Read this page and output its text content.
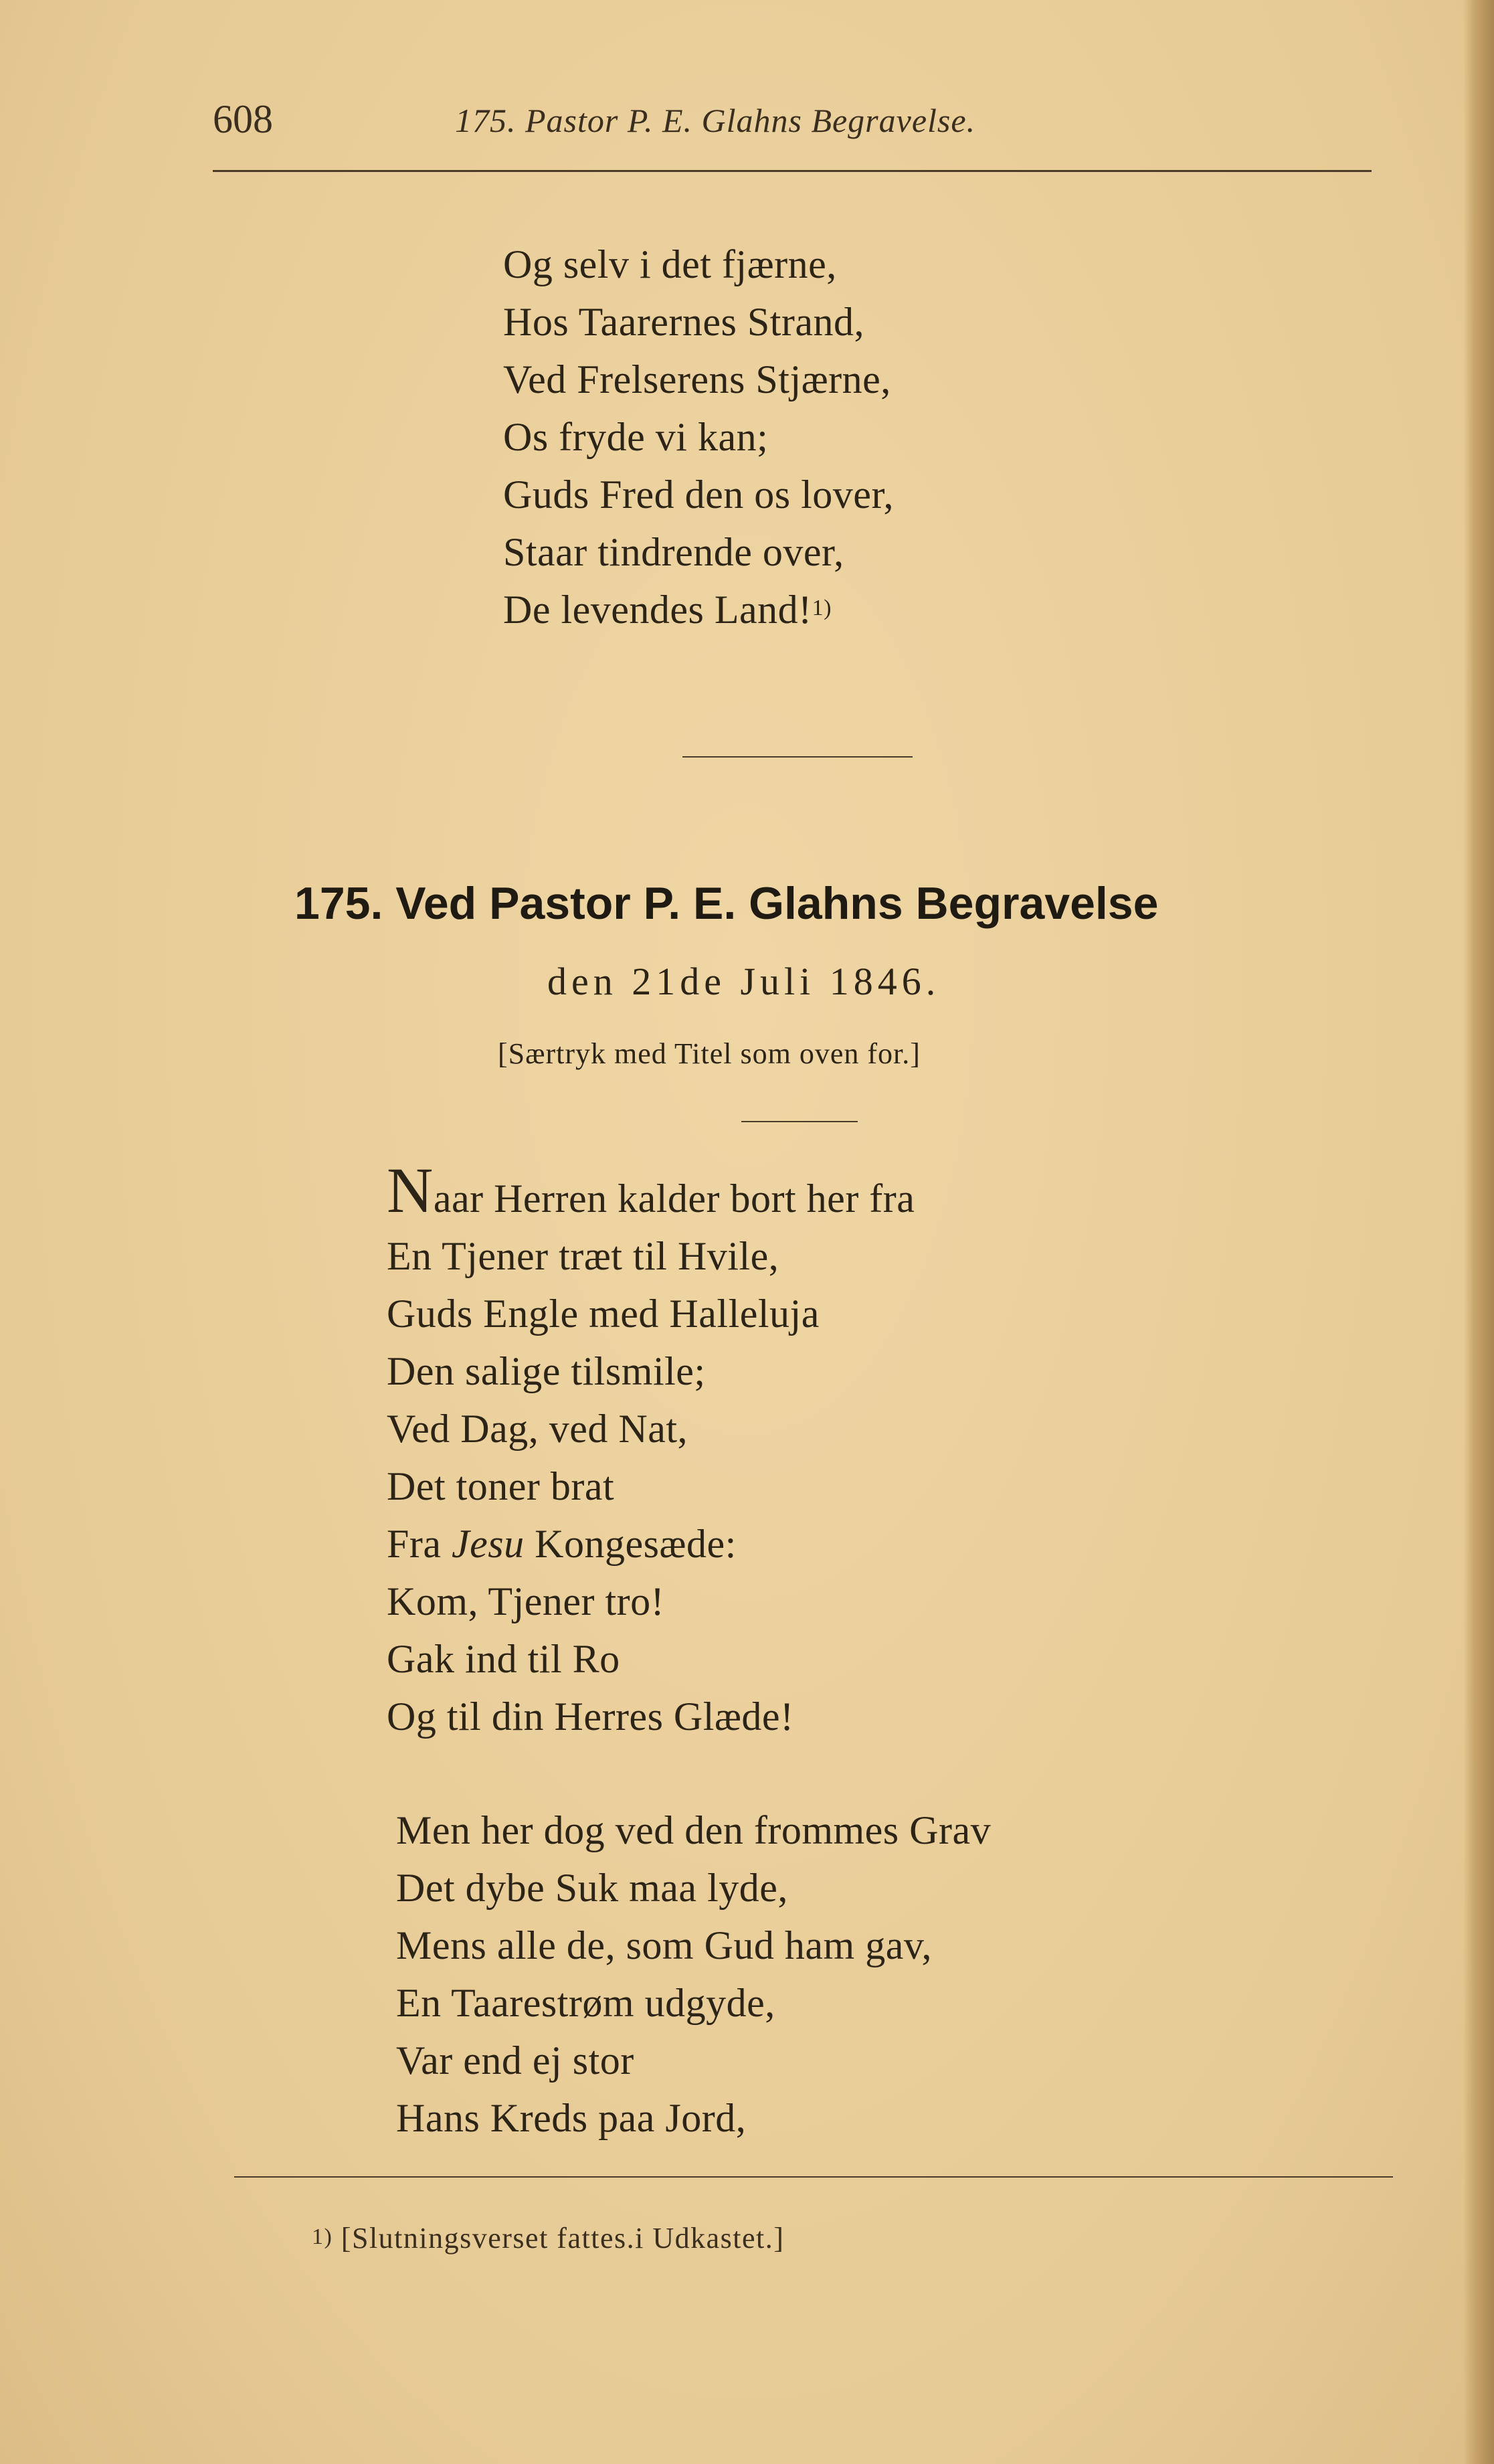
608	175. Pastor P. E. Glahns Begravelse.
Og selv i det fjærne,
Hos Taarernes Strand,
Ved Frelserens Stjærne,
Os fryde vi kan;
Guds Fred den os lover,
Staar tindrende over,
De levendes Land!$^{1)}$
175. Ved Pastor P. E. Glahns Begravelse
den 21de Juli 1846.
[Særtryk med Titel som oven for.]
Naar Herren kalder bort her fra
En Tjener træt til Hvile,
Guds Engle med Halleluja
Den salige tilsmile;
Ved Dag, ved Nat,
Det toner brat
Fra Jesu Kongesæde:
Kom, Tjener tro!
Gak ind til Ro
Og til din Herres Glæde!
Men her dog ved den frommes Grav
Det dybe Suk maa lyde,
Mens alle de, som Gud ham gav,
En Taarestrøm udgyde,
Var end ej stor
Hans Kreds paa Jord,
$^{1)}$ [Slutningsverset fattes.i Udkastet.]
